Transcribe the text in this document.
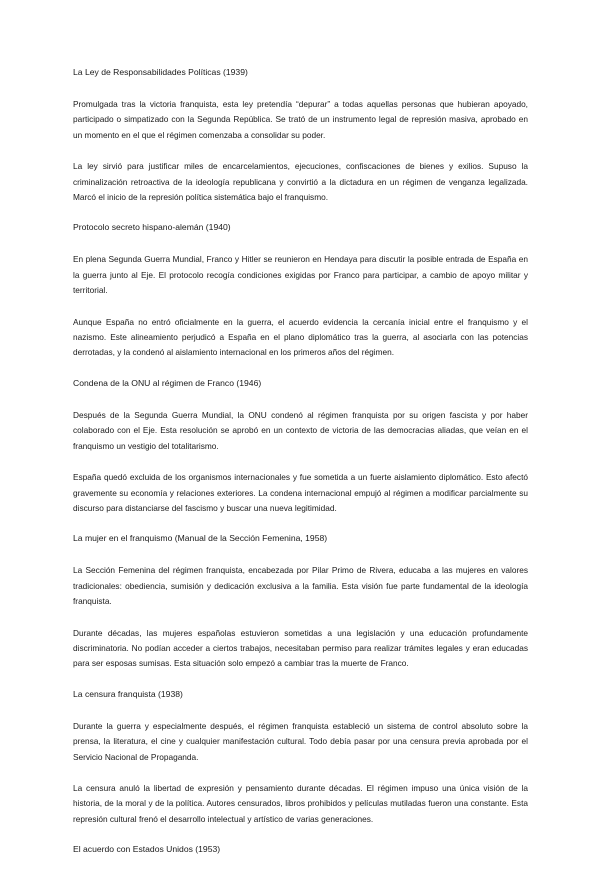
La Ley de Responsabilidades Políticas (1939)
Promulgada tras la victoria franquista, esta ley pretendía “depurar” a todas aquellas personas que hubieran apoyado, participado o simpatizado con la Segunda República. Se trató de un instrumento legal de represión masiva, aprobado en un momento en el que el régimen comenzaba a consolidar su poder.
La ley sirvió para justificar miles de encarcelamientos, ejecuciones, confiscaciones de bienes y exilios. Supuso la criminalización retroactiva de la ideología republicana y convirtió a la dictadura en un régimen de venganza legalizada. Marcó el inicio de la represión política sistemática bajo el franquismo.
Protocolo secreto hispano-alemán (1940)
En plena Segunda Guerra Mundial, Franco y Hitler se reunieron en Hendaya para discutir la posible entrada de España en la guerra junto al Eje. El protocolo recogía condiciones exigidas por Franco para participar, a cambio de apoyo militar y territorial.
Aunque España no entró oficialmente en la guerra, el acuerdo evidencia la cercanía inicial entre el franquismo y el nazismo. Este alineamiento perjudicó a España en el plano diplomático tras la guerra, al asociarla con las potencias derrotadas, y la condenó al aislamiento internacional en los primeros años del régimen.
Condena de la ONU al régimen de Franco (1946)
Después de la Segunda Guerra Mundial, la ONU condenó al régimen franquista por su origen fascista y por haber colaborado con el Eje. Esta resolución se aprobó en un contexto de victoria de las democracias aliadas, que veían en el franquismo un vestigio del totalitarismo.
España quedó excluida de los organismos internacionales y fue sometida a un fuerte aislamiento diplomático. Esto afectó gravemente su economía y relaciones exteriores. La condena internacional empujó al régimen a modificar parcialmente su discurso para distanciarse del fascismo y buscar una nueva legitimidad.
La mujer en el franquismo (Manual de la Sección Femenina, 1958)
La Sección Femenina del régimen franquista, encabezada por Pilar Primo de Rivera, educaba a las mujeres en valores tradicionales: obediencia, sumisión y dedicación exclusiva a la familia. Esta visión fue parte fundamental de la ideología franquista.
Durante décadas, las mujeres españolas estuvieron sometidas a una legislación y una educación profundamente discriminatoria. No podían acceder a ciertos trabajos, necesitaban permiso para realizar trámites legales y eran educadas para ser esposas sumisas. Esta situación solo empezó a cambiar tras la muerte de Franco.
La censura franquista (1938)
Durante la guerra y especialmente después, el régimen franquista estableció un sistema de control absoluto sobre la prensa, la literatura, el cine y cualquier manifestación cultural. Todo debía pasar por una censura previa aprobada por el Servicio Nacional de Propaganda.
La censura anuló la libertad de expresión y pensamiento durante décadas. El régimen impuso una única visión de la historia, de la moral y de la política. Autores censurados, libros prohibidos y películas mutiladas fueron una constante. Esta represión cultural frenó el desarrollo intelectual y artístico de varias generaciones.
El acuerdo con Estados Unidos (1953)
